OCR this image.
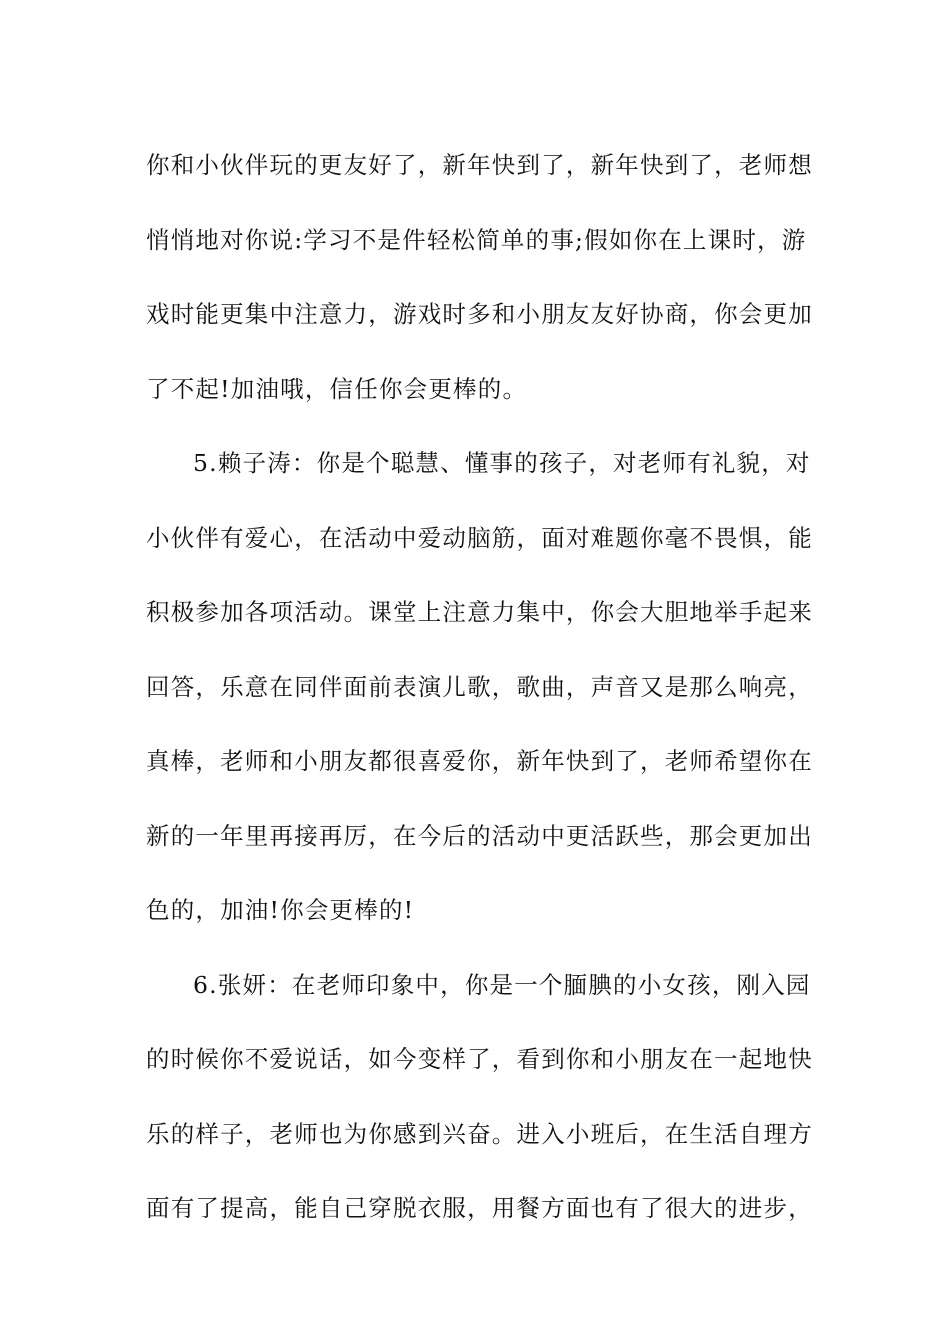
你和小伙伴玩的更友好了，新年快到了，新年快到了，老师想
悄悄地对你说:学习不是件轻松简单的事;假如你在上课时，游
戏时能更集中注意力，游戏时多和小朋友友好协商，你会更加
了不起!加油哦，信任你会更棒的。

5.赖子涛：你是个聪慧、懂事的孩子，对老师有礼貌，对
小伙伴有爱心，在活动中爱动脑筋，面对难题你毫不畏惧，能
积极参加各项活动。课堂上注意力集中，你会大胆地举手起来
回答，乐意在同伴面前表演儿歌，歌曲，声音又是那么响亮，
真棒，老师和小朋友都很喜爱你，新年快到了，老师希望你在
新的一年里再接再厉，在今后的活动中更活跃些，那会更加出
色的，加油!你会更棒的!

6.张妍：在老师印象中，你是一个腼腆的小女孩，刚入园
的时候你不爱说话，如今变样了，看到你和小朋友在一起地快
乐的样子，老师也为你感到兴奋。进入小班后，在生活自理方
面有了提高，能自己穿脱衣服，用餐方面也有了很大的进步，
